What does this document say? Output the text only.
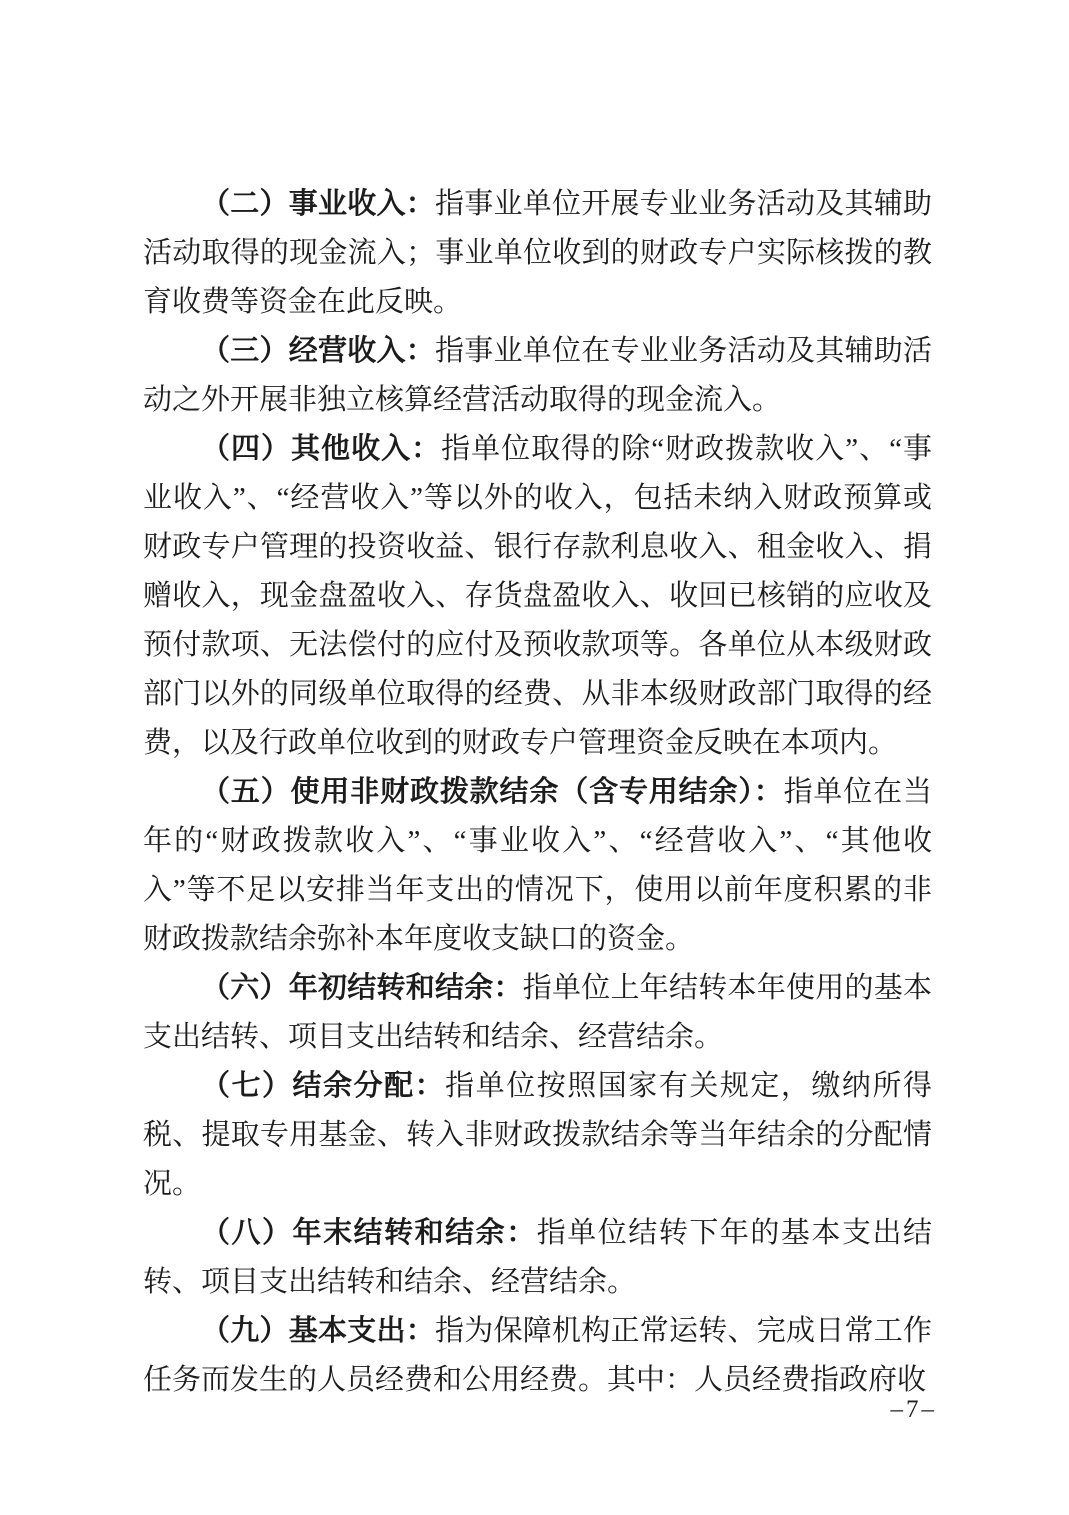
（二）事业收入：指事业单位开展专业业务活动及其辅助活动取得的现金流入；事业单位收到的财政专户实际核拨的教育收费等资金在此反映。

（三）经营收入：指事业单位在专业业务活动及其辅助活动之外开展非独立核算经营活动取得的现金流入。

（四）其他收入：指单位取得的除“财政拨款收入”、“事业收入”、“经营收入”等以外的收入，包括未纳入财政预算或财政专户管理的投资收益、银行存款利息收入、租金收入、捐赠收入，现金盘盈收入、存货盘盈收入、收回已核销的应收及预付款项、无法偿付的应付及预收款项等。各单位从本级财政部门以外的同级单位取得的经费、从非本级财政部门取得的经费，以及行政单位收到的财政专户管理资金反映在本项内。

（五）使用非财政拨款结余（含专用结余）：指单位在当年的“财政拨款收入”、“事业收入”、“经营收入”、“其他收入”等不足以安排当年支出的情况下，使用以前年度积累的非财政拨款结余弥补本年度收支缺口的资金。

（六）年初结转和结余：指单位上年结转本年使用的基本支出结转、项目支出结转和结余、经营结余。

（七）结余分配：指单位按照国家有关规定，缴纳所得税、提取专用基金、转入非财政拨款结余等当年结余的分配情况。

（八）年末结转和结余：指单位结转下年的基本支出结转、项目支出结转和结余、经营结余。

（九）基本支出：指为保障机构正常运转、完成日常工作任务而发生的人员经费和公用经费。其中：人员经费指政府收

–7–
